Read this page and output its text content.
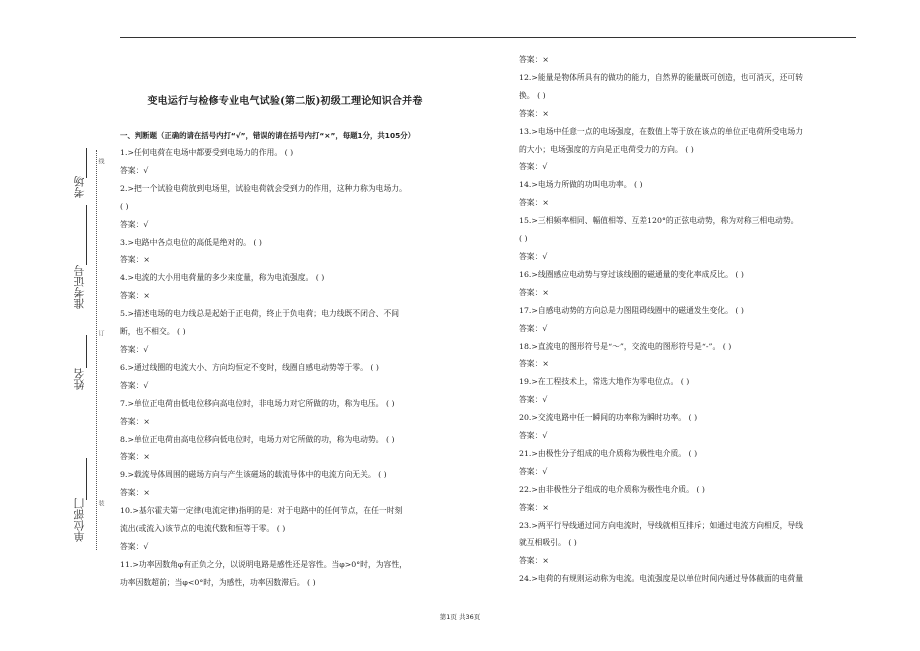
线
订
装
考场
准考证号
姓名
单位部门
变电运行与检修专业电气试验(第二版)初级工理论知识合并卷
一、判断题（正确的请在括号内打“√”，错误的请在括号内打“×”，每题1分，共105分）
1.>任何电荷在电场中都要受到电场力的作用。 ( )
答案：√
2.>把一个试验电荷放到电场里，试验电荷就会受到力的作用，这种力称为电场力。
( )
答案：√
3.>电路中各点电位的高低是绝对的。 ( )
答案：×
4.>电流的大小用电荷量的多少来度量，称为电流强度。 ( )
答案：×
5.>描述电场的电力线总是起始于正电荷，终止于负电荷；电力线既不闭合、不间
断，也不相交。 ( )
答案：√
6.>通过线圈的电流大小、方向均恒定不变时，线圈自感电动势等于零。 ( )
答案：√
7.>单位正电荷由低电位移向高电位时，非电场力对它所做的功，称为电压。 ( )
答案：×
8.>单位正电荷由高电位移向低电位时，电场力对它所做的功，称为电动势。 ( )
答案：×
9.>载流导体周围的磁场方向与产生该磁场的载流导体中的电流方向无关。 ( )
答案：×
10.>基尔霍夫第一定律(电流定律)指明的是：对于电路中的任何节点，在任一时刻
流出(或流入)该节点的电流代数和恒等于零。 ( )
答案：√
11.>功率因数角φ有正负之分，以说明电路是感性还是容性。当φ>0°时，为容性，
功率因数超前；当φ<0°时，为感性，功率因数滞后。 ( )
答案：×
12.>能量是物体所具有的做功的能力，自然界的能量既可创造，也可消灭，还可转
换。 ( )
答案：×
13.>电场中任意一点的电场强度，在数值上等于放在该点的单位正电荷所受电场力
的大小；电场强度的方向是正电荷受力的方向。 ( )
答案：√
14.>电场力所做的功叫电功率。 ( )
答案：×
15.>三相频率相同、幅值相等、互差120°的正弦电动势，称为对称三相电动势。
( )
答案：√
16.>线圈感应电动势与穿过该线圈的磁通量的变化率成反比。 ( )
答案：×
17.>自感电动势的方向总是力图阻碍线圈中的磁通发生变化。 ( )
答案：√
18.>直流电的图形符号是“～”，交流电的图形符号是“-”。 ( )
答案：×
19.>在工程技术上，常选大地作为零电位点。 ( )
答案：√
20.>交流电路中任一瞬间的功率称为瞬时功率。 ( )
答案：√
21.>由极性分子组成的电介质称为极性电介质。 ( )
答案：√
22.>由非极性分子组成的电介质称为极性电介质。 ( )
答案：×
23.>两平行导线通过同方向电流时，导线就相互排斥；如通过电流方向相反，导线
就互相吸引。 ( )
答案：×
24.>电荷的有规则运动称为电流。电流强度是以单位时间内通过导体截面的电荷量
第1页 共36页
